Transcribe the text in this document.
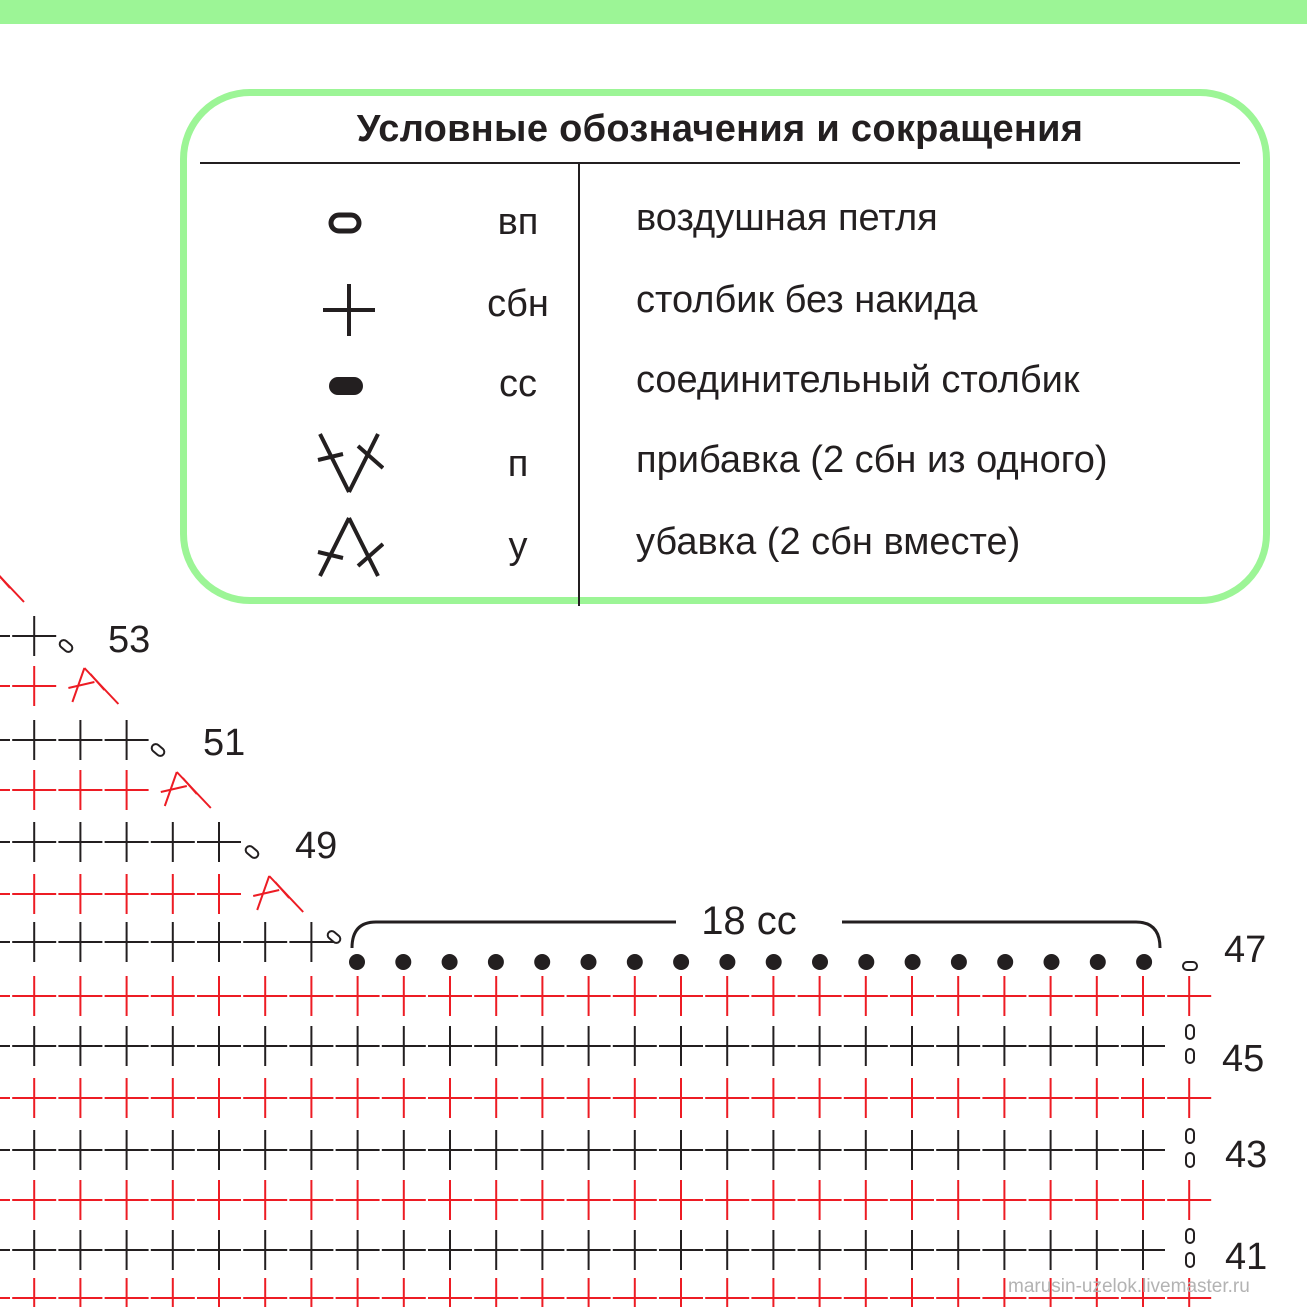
Условные обозначения и сокращения
вп	воздушная петля
сбн	столбик без накида
сс	соединительный столбик
п	прибавка (2 сбн из одного)
у	убавка (2 сбн вместе)
18 сс
53
51
49
47
45
43
41
marusin-uzelok.livemaster.ru
